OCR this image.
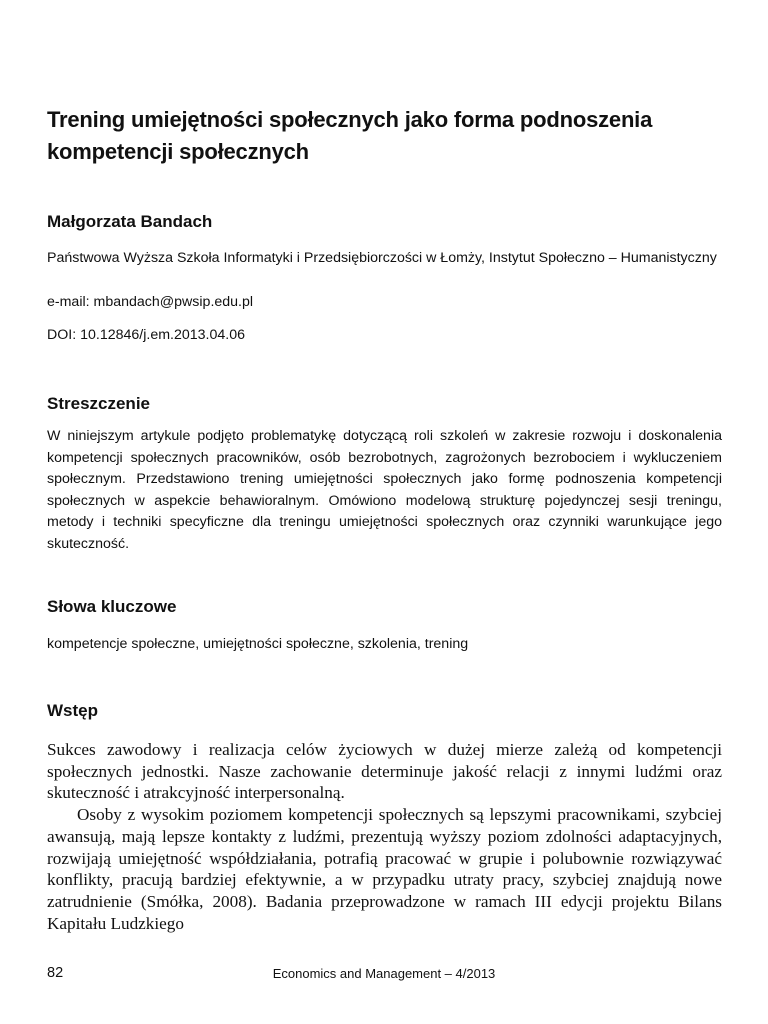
Trening umiejętności społecznych jako forma podnoszenia kompetencji społecznych

Małgorzata Bandach

Państwowa Wyższa Szkoła Informatyki i Przedsiębiorczości w Łomży, Instytut Społeczno – Humanistyczny

e-mail: mbandach@pwsip.edu.pl

DOI: 10.12846/j.em.2013.04.06

Streszczenie

W niniejszym artykule podjęto problematykę dotyczącą roli szkoleń w zakresie rozwoju i doskonalenia kompetencji społecznych pracowników, osób bezrobotnych, zagrożonych bezrobociem i wykluczeniem społecznym. Przedstawiono trening umiejętności społecznych jako formę podnoszenia kompetencji społecznych w aspekcie behawioralnym. Omówiono modelową strukturę pojedynczej sesji treningu, metody i techniki specyficzne dla treningu umiejętności społecznych oraz czynniki warunkujące jego skuteczność.

Słowa kluczowe

kompetencje społeczne, umiejętności społeczne, szkolenia, trening

Wstęp

Sukces zawodowy i realizacja celów życiowych w dużej mierze zależą od kompetencji społecznych jednostki. Nasze zachowanie determinuje jakość relacji z innymi ludźmi oraz skuteczność i atrakcyjność interpersonalną.

Osoby z wysokim poziomem kompetencji społecznych są lepszymi pracownikami, szybciej awansują, mają lepsze kontakty z ludźmi, prezentują wyższy poziom zdolności adaptacyjnych, rozwijają umiejętność współdziałania, potrafią pracować w grupie i polubownie rozwiązywać konflikty, pracują bardziej efektywnie, a w przypadku utraty pracy, szybciej znajdują nowe zatrudnienie (Smółka, 2008). Badania przeprowadzone w ramach III edycji projektu Bilans Kapitału Ludzkiego

82	Economics and Management – 4/2013
